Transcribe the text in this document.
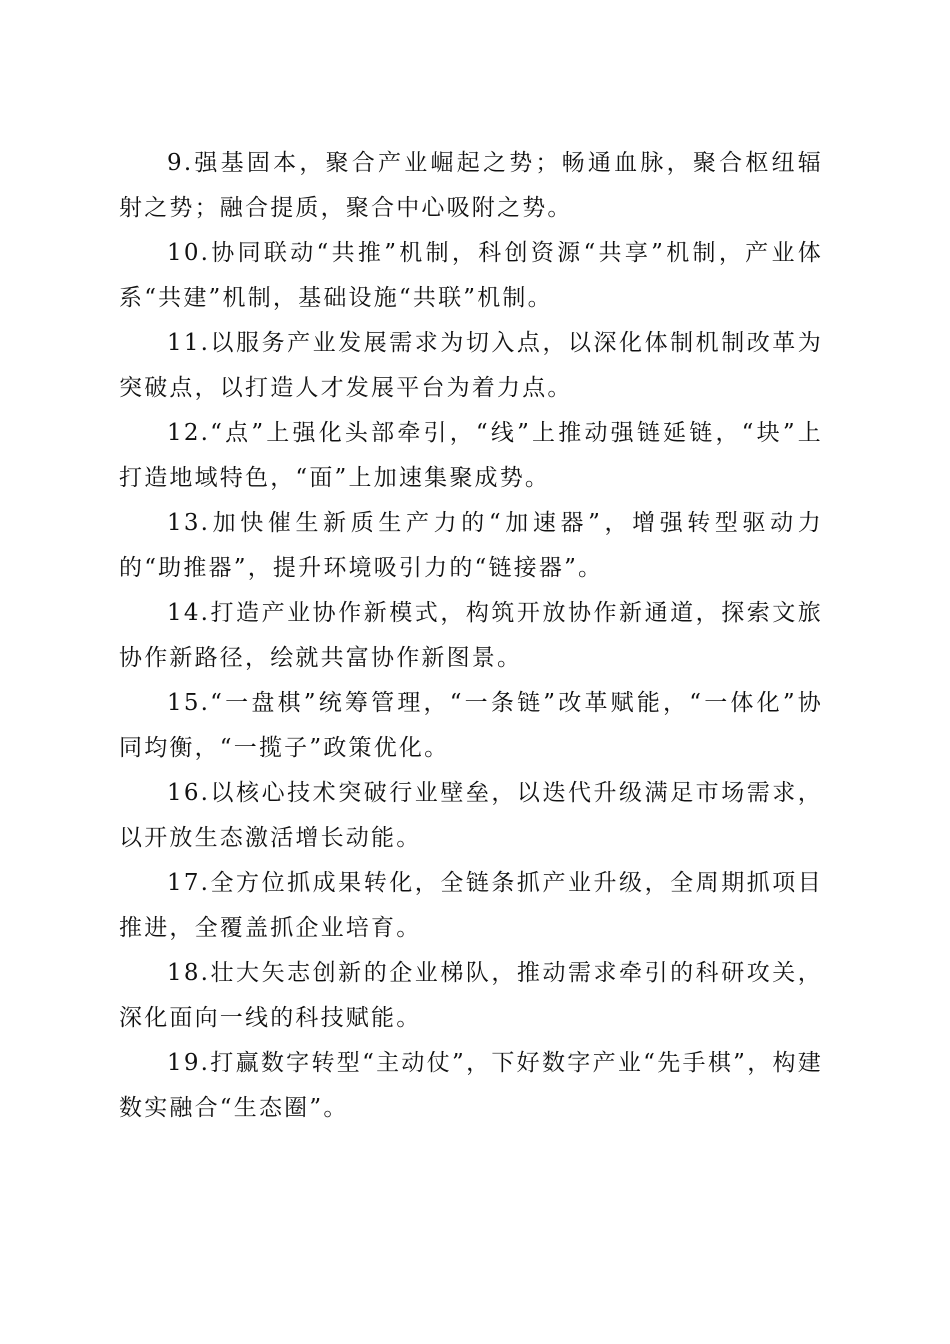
9.强基固本，聚合产业崛起之势；畅通血脉，聚合枢纽辐射之势；融合提质，聚合中心吸附之势。

10.协同联动“共推”机制，科创资源“共享”机制，产业体系“共建”机制，基础设施“共联”机制。

11.以服务产业发展需求为切入点，以深化体制机制改革为突破点，以打造人才发展平台为着力点。

12.“点”上强化头部牵引，“线”上推动强链延链，“块”上打造地域特色，“面”上加速集聚成势。

13.加快催生新质生产力的“加速器”，增强转型驱动力的“助推器”，提升环境吸引力的“链接器”。

14.打造产业协作新模式，构筑开放协作新通道，探索文旅协作新路径，绘就共富协作新图景。

15.“一盘棋”统筹管理，“一条链”改革赋能，“一体化”协同均衡，“一揽子”政策优化。

16.以核心技术突破行业壁垒，以迭代升级满足市场需求，以开放生态激活增长动能。

17.全方位抓成果转化，全链条抓产业升级，全周期抓项目推进，全覆盖抓企业培育。

18.壮大矢志创新的企业梯队，推动需求牵引的科研攻关，深化面向一线的科技赋能。

19.打赢数字转型“主动仗”，下好数字产业“先手棋”，构建数实融合“生态圈”。
